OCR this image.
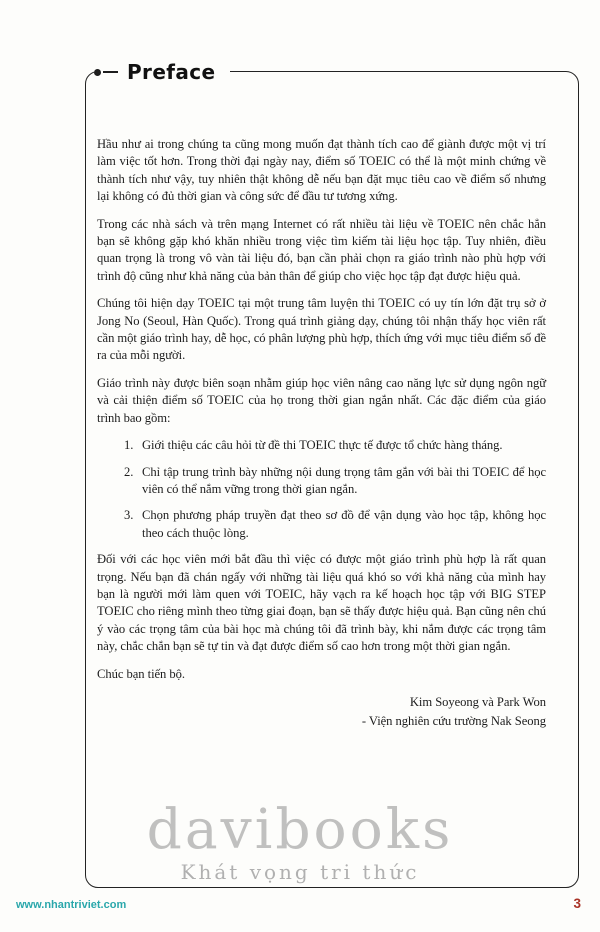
Preface

Hầu như ai trong chúng ta cũng mong muốn đạt thành tích cao để giành được một vị trí làm việc tốt hơn. Trong thời đại ngày nay, điểm số TOEIC có thể là một minh chứng về thành tích như vậy, tuy nhiên thật không dễ nếu bạn đặt mục tiêu cao về điểm số nhưng lại không có đủ thời gian và công sức để đầu tư tương xứng.

Trong các nhà sách và trên mạng Internet có rất nhiều tài liệu về TOEIC nên chắc hẳn bạn sẽ không gặp khó khăn nhiều trong việc tìm kiếm tài liệu học tập. Tuy nhiên, điều quan trọng là trong vô vàn tài liệu đó, bạn cần phải chọn ra giáo trình nào phù hợp với trình độ cũng như khả năng của bản thân để giúp cho việc học tập đạt được hiệu quả.

Chúng tôi hiện dạy TOEIC tại một trung tâm luyện thi TOEIC có uy tín lớn đặt trụ sở ở Jong No (Seoul, Hàn Quốc). Trong quá trình giảng dạy, chúng tôi nhận thấy học viên rất cần một giáo trình hay, dễ học, có phân lượng phù hợp, thích ứng với mục tiêu điểm số đề ra của mỗi người.

Giáo trình này được biên soạn nhằm giúp học viên nâng cao năng lực sử dụng ngôn ngữ và cải thiện điểm số TOEIC của họ trong thời gian ngắn nhất. Các đặc điểm của giáo trình bao gồm:

1. Giới thiệu các câu hỏi từ đề thi TOEIC thực tế được tổ chức hàng tháng.
2. Chỉ tập trung trình bày những nội dung trọng tâm gắn với bài thi TOEIC để học viên có thể nắm vững trong thời gian ngắn.
3. Chọn phương pháp truyền đạt theo sơ đồ để vận dụng vào học tập, không học theo cách thuộc lòng.

Đối với các học viên mới bắt đầu thì việc có được một giáo trình phù hợp là rất quan trọng. Nếu bạn đã chán ngấy với những tài liệu quá khó so với khả năng của mình hay bạn là người mới làm quen với TOEIC, hãy vạch ra kế hoạch học tập với BIG STEP TOEIC cho riêng mình theo từng giai đoạn, bạn sẽ thấy được hiệu quả. Bạn cũng nên chú ý vào các trọng tâm của bài học mà chúng tôi đã trình bày, khi nắm được các trọng tâm này, chắc chắn bạn sẽ tự tin và đạt được điểm số cao hơn trong một thời gian ngắn.

Chúc bạn tiến bộ.

Kim Soyeong và Park Won
- Viện nghiên cứu trường Nak Seong
davibooks
Khát vọng tri thức
www.nhantriviet.com	3
